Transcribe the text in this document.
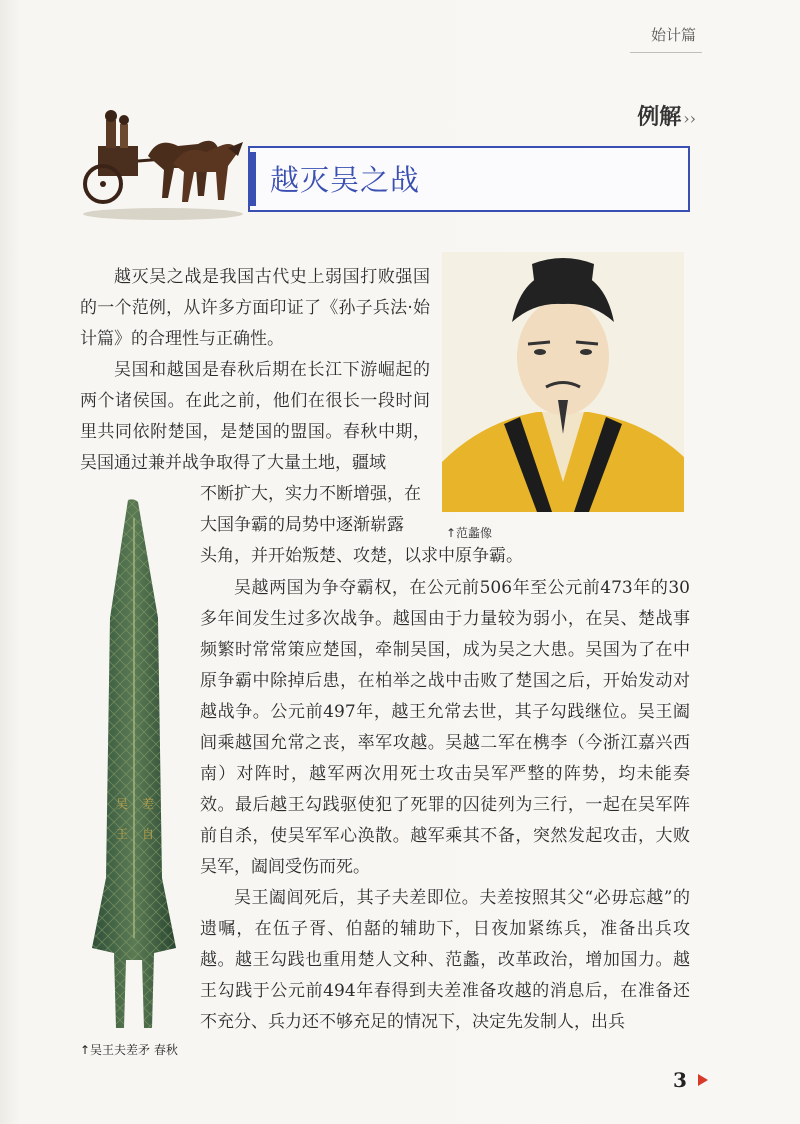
始计篇
例解 ››
越灭吴之战
↑范蠡像
吴 差
王 自
↑吴王夫差矛 春秋

越灭吴之战是我国古代史上弱国打败强国的一个范例，从许多方面印证了《孙子兵法·始计篇》的合理性与正确性。

吴国和越国是春秋后期在长江下游崛起的两个诸侯国。在此之前，他们在很长一段时间里共同依附楚国，是楚国的盟国。春秋中期，吴国通过兼并战争取得了大量土地，疆域

不断扩大，实力不断增强，在大国争霸的局势中逐渐崭露

头角，并开始叛楚、攻楚，以求中原争霸。

吴越两国为争夺霸权，在公元前506年至公元前473年的30多年间发生过多次战争。越国由于力量较为弱小，在吴、楚战事频繁时常常策应楚国，牵制吴国，成为吴之大患。吴国为了在中原争霸中除掉后患，在柏举之战中击败了楚国之后，开始发动对越战争。公元前497年，越王允常去世，其子勾践继位。吴王阖闾乘越国允常之丧，率军攻越。吴越二军在槜李（今浙江嘉兴西南）对阵时，越军两次用死士攻击吴军严整的阵势，均未能奏效。最后越王勾践驱使犯了死罪的囚徒列为三行，一起在吴军阵前自杀，使吴军军心涣散。越军乘其不备，突然发起攻击，大败吴军，阖闾受伤而死。

吴王阖闾死后，其子夫差即位。夫差按照其父“必毋忘越”的遗嘱，在伍子胥、伯嚭的辅助下，日夜加紧练兵，准备出兵攻越。越王勾践也重用楚人文种、范蠡，改革政治，增加国力。越王勾践于公元前494年春得到夫差准备攻越的消息后，在准备还不充分、兵力还不够充足的情况下，决定先发制人，出兵

3
